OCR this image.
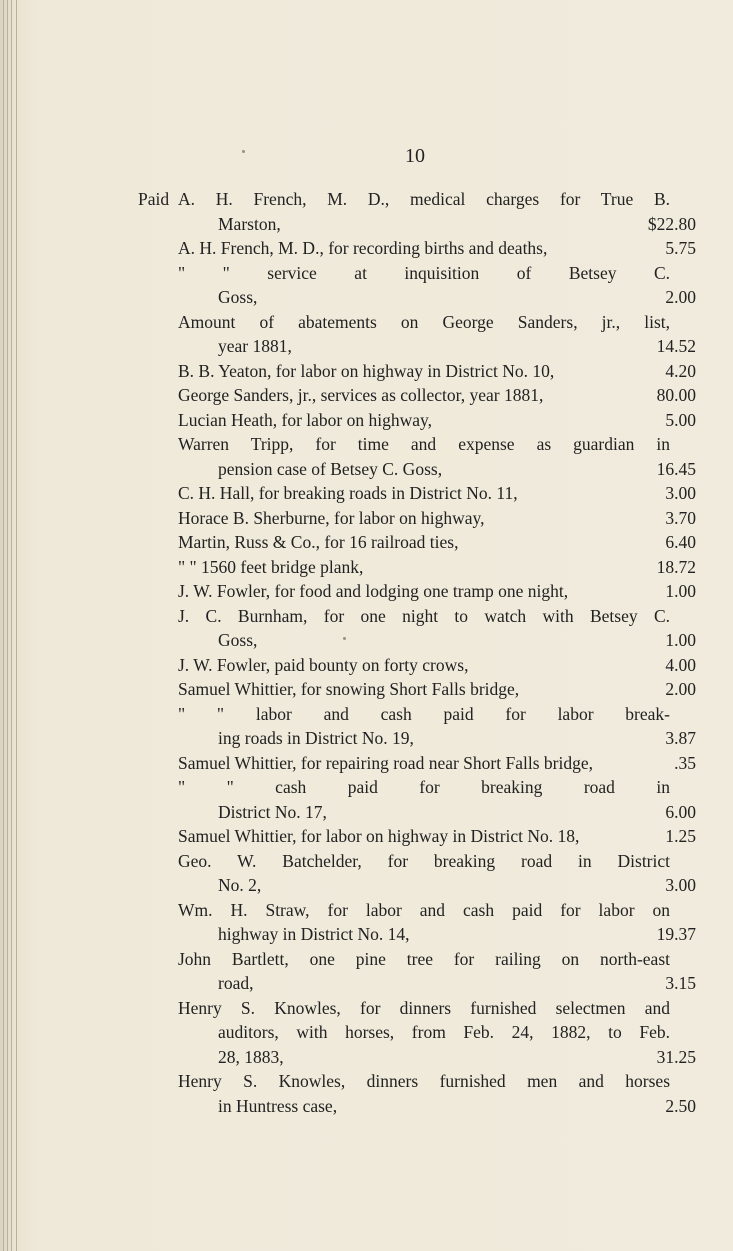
10
Paid A. H. French, M. D., medical charges for True B.
Marston,	$22.80
A. H. French, M. D., for recording births and deaths,	5.75
" " service at inquisition of Betsey C.
Goss,	2.00
Amount of abatements on George Sanders, jr., list,
year 1881,	14.52
B. B. Yeaton, for labor on highway in District No. 10,	4.20
George Sanders, jr., services as collector, year 1881,	80.00
Lucian Heath, for labor on highway,	5.00
Warren Tripp, for time and expense as guardian in
pension case of Betsey C. Goss,	16.45
C. H. Hall, for breaking roads in District No. 11,	3.00
Horace B. Sherburne, for labor on highway,	3.70
Martin, Russ & Co., for 16 railroad ties,	6.40
" " 1560 feet bridge plank,	18.72
J. W. Fowler, for food and lodging one tramp one night,	1.00
J. C. Burnham, for one night to watch with Betsey C.
Goss,	1.00
J. W. Fowler, paid bounty on forty crows,	4.00
Samuel Whittier, for snowing Short Falls bridge,	2.00
" " labor and cash paid for labor break-
ing roads in District No. 19,	3.87
Samuel Whittier, for repairing road near Short Falls bridge,	.35
" " cash paid for breaking road in
District No. 17,	6.00
Samuel Whittier, for labor on highway in District No. 18,	1.25
Geo. W. Batchelder, for breaking road in District
No. 2,	3.00
Wm. H. Straw, for labor and cash paid for labor on
highway in District No. 14,	19.37
John Bartlett, one pine tree for railing on north-east
road,	3.15
Henry S. Knowles, for dinners furnished selectmen and
auditors, with horses, from Feb. 24, 1882, to Feb.
28, 1883,	31.25
Henry S. Knowles, dinners furnished men and horses
in Huntress case,	2.50
